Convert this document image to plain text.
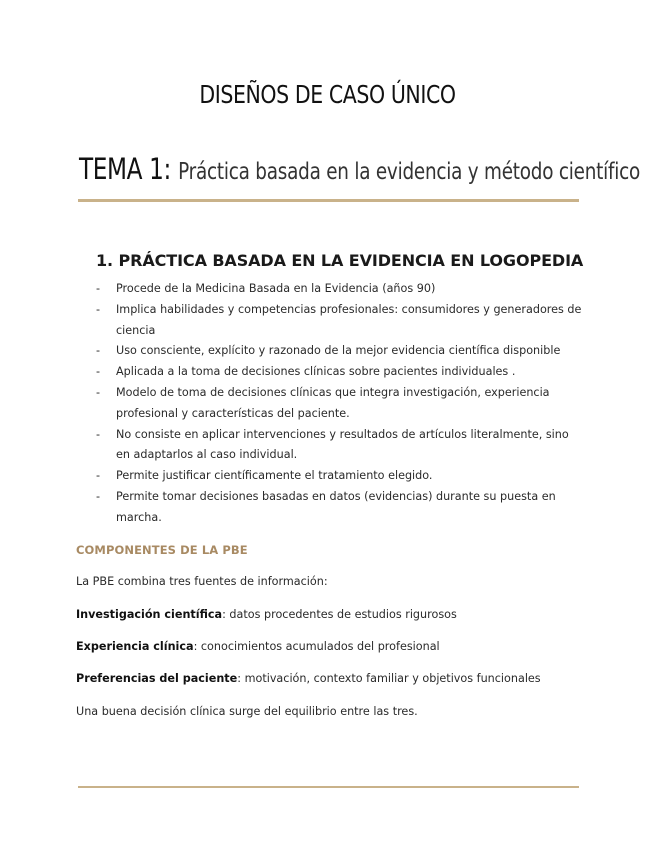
DISEÑOS DE CASO ÚNICO
TEMA 1: Práctica basada en la evidencia y método científico
1. PRÁCTICA BASADA EN LA EVIDENCIA EN LOGOPEDIA
- Procede de la Medicina Basada en la Evidencia (años 90)
- Implica habilidades y competencias profesionales: consumidores y generadores de ciencia
- Uso consciente, explícito y razonado de la mejor evidencia científica disponible
- Aplicada a la toma de decisiones clínicas sobre pacientes individuales .
- Modelo de toma de decisiones clínicas que integra investigación, experiencia profesional y características del paciente.
- No consiste en aplicar intervenciones y resultados de artículos literalmente, sino en adaptarlos al caso individual.
- Permite justificar científicamente el tratamiento elegido.
- Permite tomar decisiones basadas en datos (evidencias) durante su puesta en marcha.
COMPONENTES DE LA PBE

La PBE combina tres fuentes de información:

Investigación científica: datos procedentes de estudios rigurosos

Experiencia clínica: conocimientos acumulados del profesional

Preferencias del paciente: motivación, contexto familiar y objetivos funcionales

Una buena decisión clínica surge del equilibrio entre las tres.
